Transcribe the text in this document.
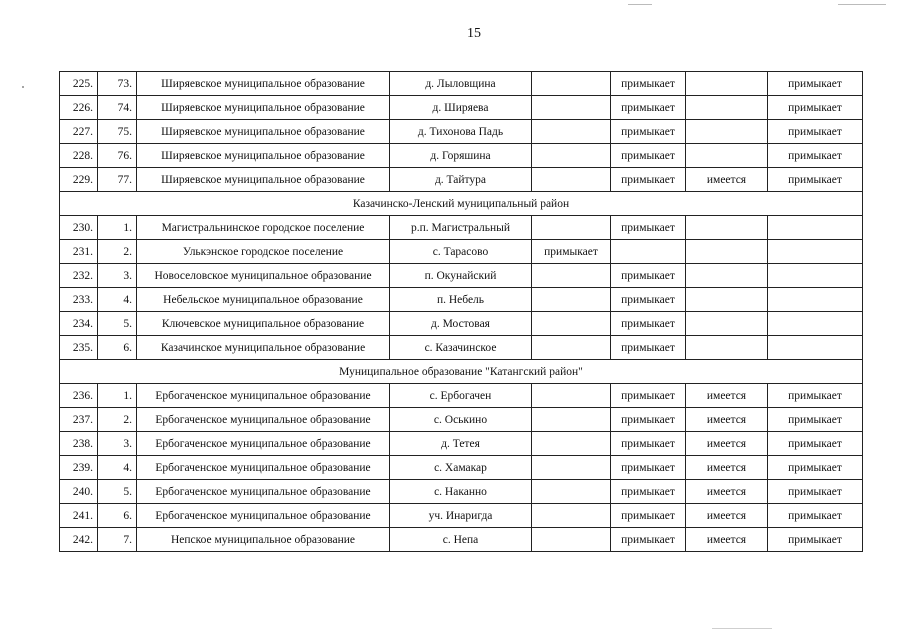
15
225.	73.	Ширяевское муниципальное образование	д. Лыловщина		примыкает		примыкает
226.	74.	Ширяевское муниципальное образование	д. Ширяева		примыкает		примыкает
227.	75.	Ширяевское муниципальное образование	д. Тихонова Падь		примыкает		примыкает
228.	76.	Ширяевское муниципальное образование	д. Горяшина		примыкает		примыкает
229.	77.	Ширяевское муниципальное образование	д. Тайтура		примыкает	имеется	примыкает
Казачинско-Ленский муниципальный район							
230.	1.	Магистральнинское городское поселение	р.п. Магистральный		примыкает		
231.	2.	Улькэнское городское поселение	с. Тарасово	примыкает			
232.	3.	Новоселовское муниципальное образование	п. Окунайский		примыкает		
233.	4.	Небельское муниципальное образование	п. Небель		примыкает		
234.	5.	Ключевское муниципальное образование	д. Мостовая		примыкает		
235.	6.	Казачинское муниципальное образование	с. Казачинское		примыкает		
Муниципальное образование "Катангский район"							
236.	1.	Ербогаченское муниципальное образование	с. Ербогачен		примыкает	имеется	примыкает
237.	2.	Ербогаченское муниципальное образование	с. Оськино		примыкает	имеется	примыкает
238.	3.	Ербогаченское муниципальное образование	д. Тетея		примыкает	имеется	примыкает
239.	4.	Ербогаченское муниципальное образование	с. Хамакар		примыкает	имеется	примыкает
240.	5.	Ербогаченское муниципальное образование	с. Наканно		примыкает	имеется	примыкает
241.	6.	Ербогаченское муниципальное образование	уч. Инаригда		примыкает	имеется	примыкает
242.	7.	Непское муниципальное образование	с. Непа		примыкает	имеется	примыкает
